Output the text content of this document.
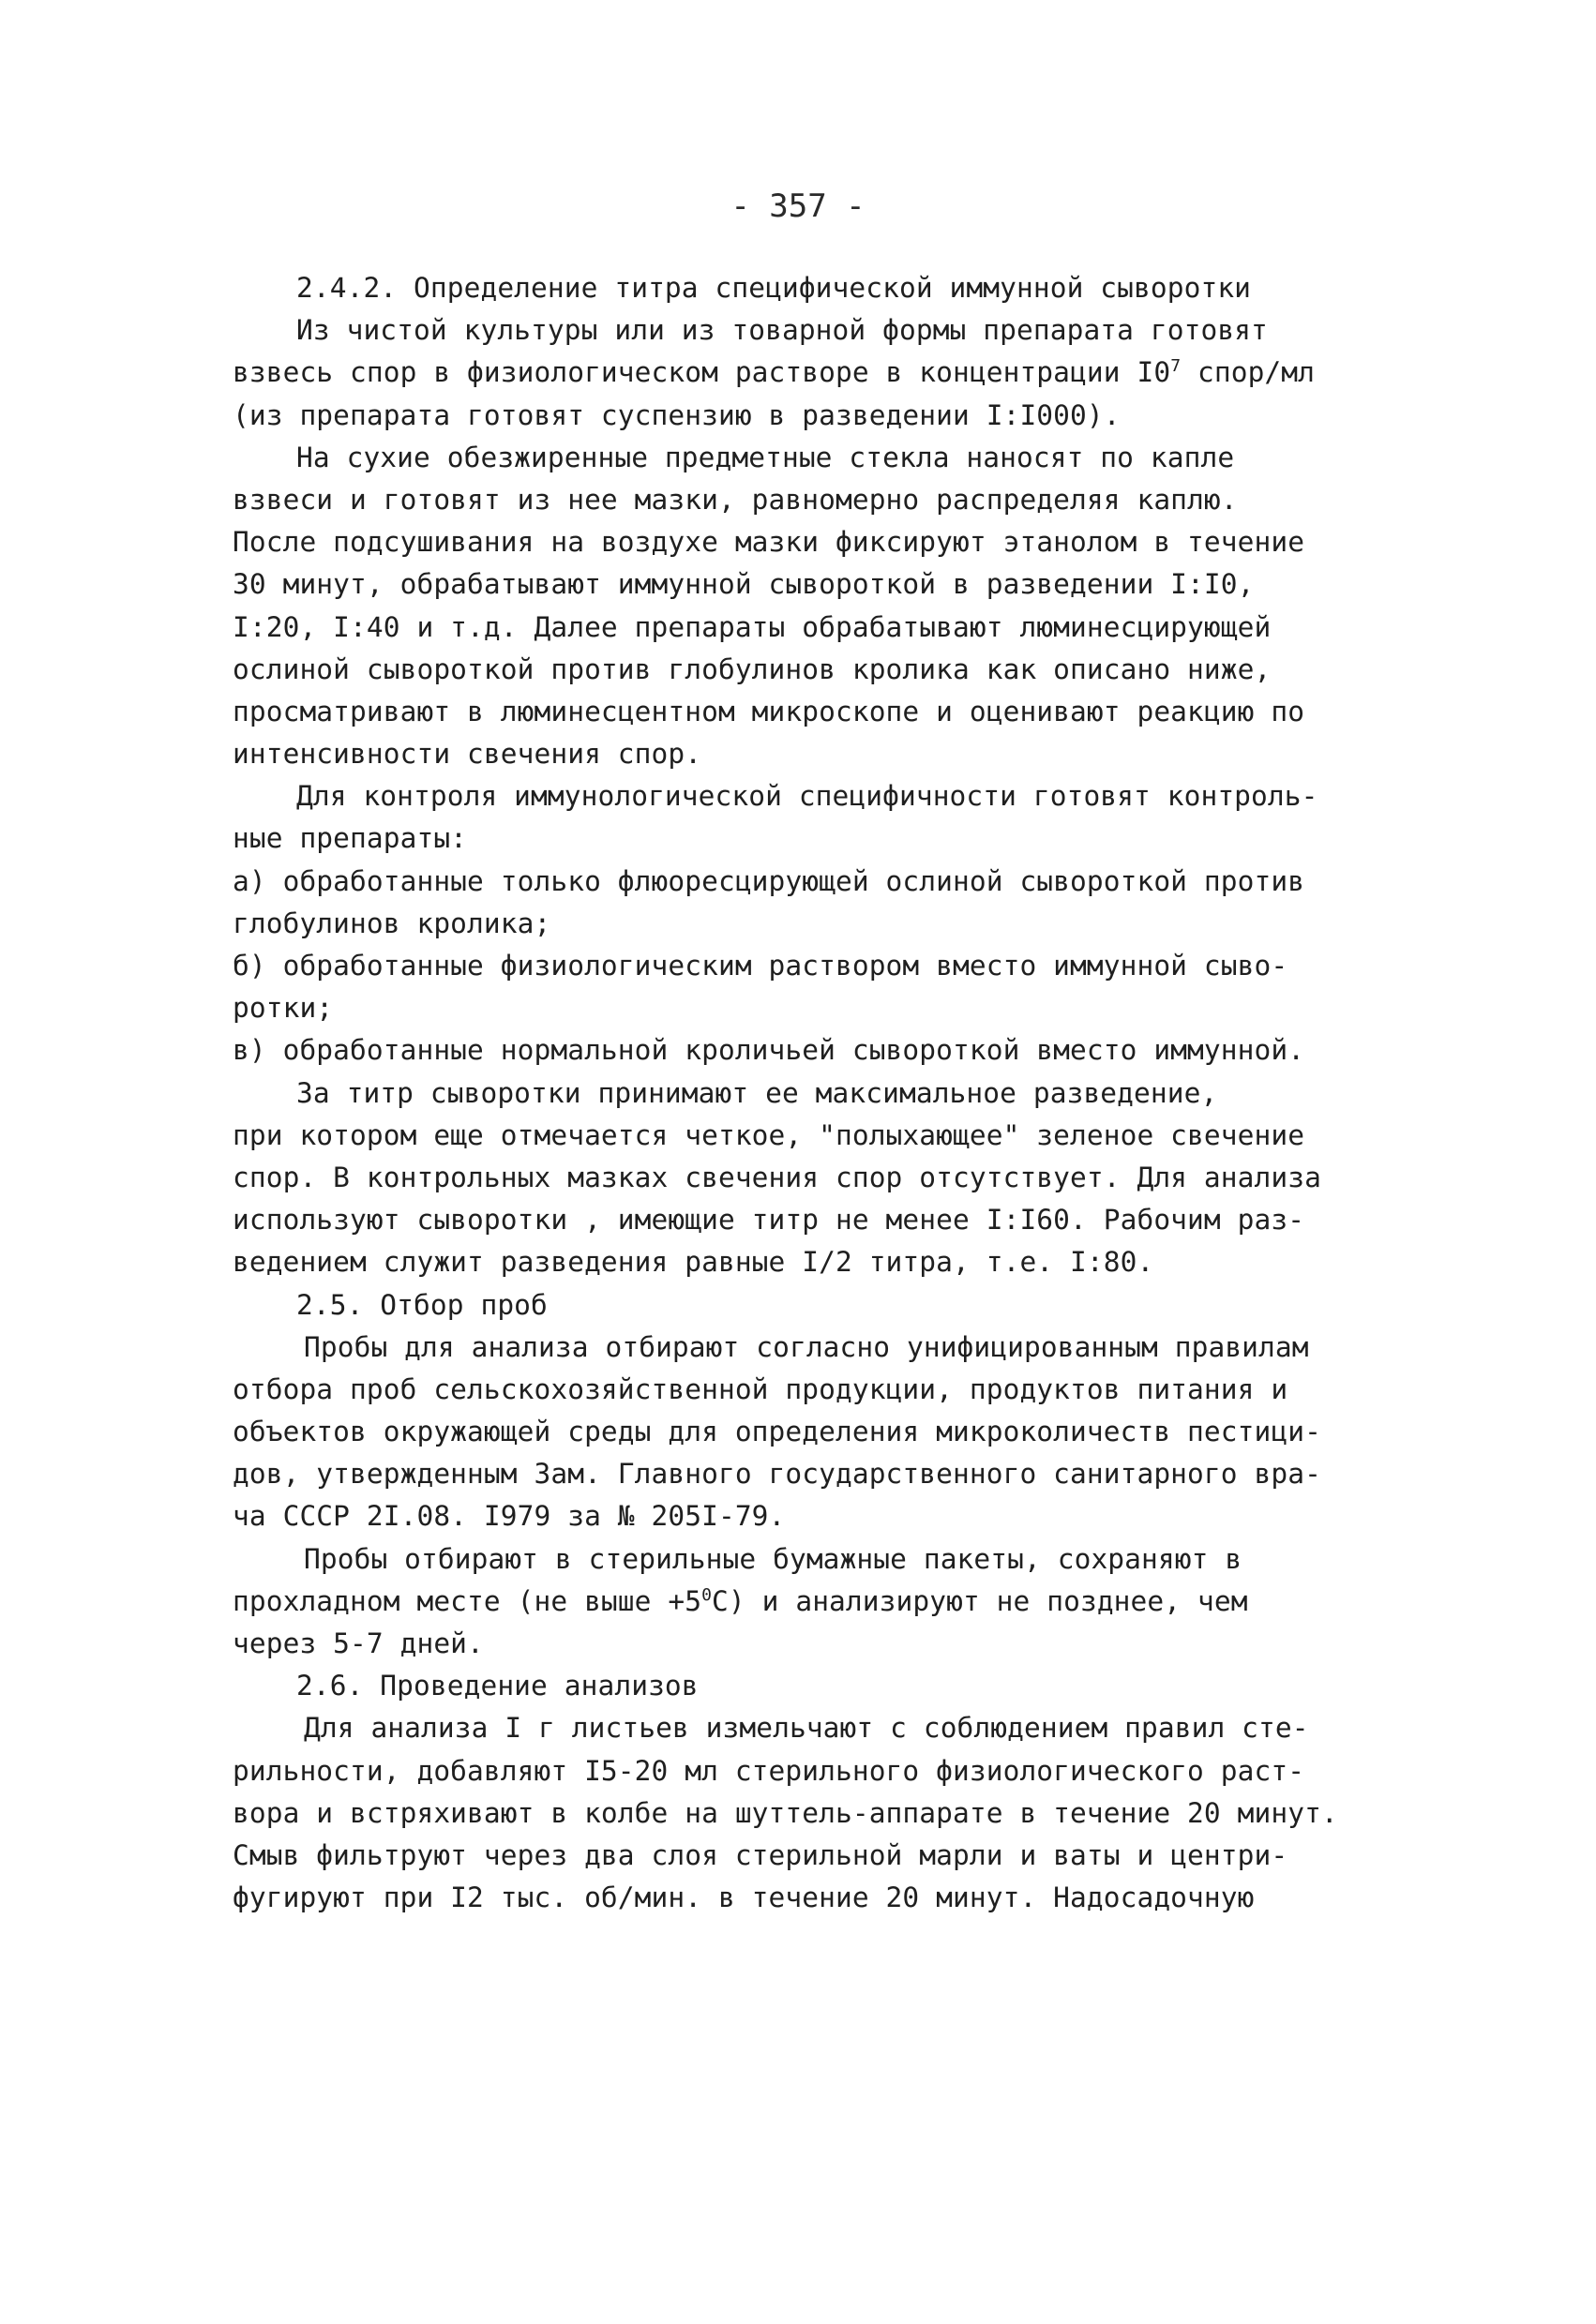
- 357 -
2.4.2. Определение титра специфической иммунной сыворотки
Из чистой культуры или из товарной формы препарата готовят
взвесь спор в физиологическом растворе в концентрации $I0^7$ спор/мл
(из препарата готовят суспензию в разведении I:I000).
На сухие обезжиренные предметные стекла наносят по капле
взвеси и готовят из нее мазки, равномерно распределяя каплю.
После подсушивания на воздухе мазки фиксируют этанолом в течение
30 минут, обрабатывают иммунной сывороткой в разведении I:I0,
I:20, I:40 и т.д. Далее препараты обрабатывают люминесцирующей
ослиной сывороткой против глобулинов кролика как описано ниже,
просматривают в люминесцентном микроскопе и оценивают реакцию по
интенсивности свечения спор.
Для контроля иммунологической специфичности готовят контроль-
ные препараты:
а) обработанные только флюоресцирующей ослиной сывороткой против
глобулинов кролика;
б) обработанные физиологическим раствором вместо иммунной сыво-
ротки;
в) обработанные нормальной кроличьей сывороткой вместо иммунной.
За титр сыворотки принимают ее максимальное разведение,
при котором еще отмечается четкое, "полыхающее" зеленое свечение
спор. В контрольных мазках свечения спор отсутствует. Для анализа
используют сыворотки , имеющие титр не менее I:I60. Рабочим раз-
ведением служит разведения равные I/2 титра, т.е. I:80.
2.5. Отбор проб
Пробы для анализа отбирают согласно унифицированным правилам
отбора проб сельскохозяйственной продукции, продуктов питания и
объектов окружающей среды для определения микроколичеств пестици-
дов, утвержденным Зам. Главного государственного санитарного вра-
ча СССР 2I.08. I979 за № 205I-79.
Пробы отбирают в стерильные бумажные пакеты, сохраняют в
прохладном месте (не выше $+5^0С$) и анализируют не позднее, чем
через 5-7 дней.
2.6. Проведение анализов
Для анализа I г листьев измельчают с соблюдением правил сте-
рильности, добавляют I5-20 мл стерильного физиологического раст-
вора и встряхивают в колбе на шуттель-аппарате в течение 20 минут.
Смыв фильтруют через два слоя стерильной марли и ваты и центри-
фугируют при I2 тыс. об/мин. в течение 20 минут. Надосадочную
